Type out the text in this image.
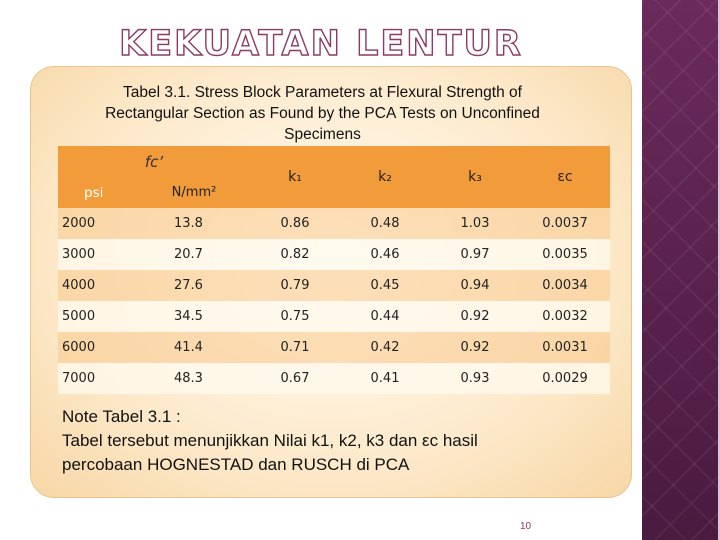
KEKUATAN LENTUR
Tabel 3.1. Stress Block Parameters at Flexural Strength of
Rectangular Section as Found by the PCA Tests on Unconfined
Specimens
fc’		k₁	k₂	k₃	εc
psi	N/mm²				
2000	13.8	0.86	0.48	1.03	0.0037
3000	20.7	0.82	0.46	0.97	0.0035
4000	27.6	0.79	0.45	0.94	0.0034
5000	34.5	0.75	0.44	0.92	0.0032
6000	41.4	0.71	0.42	0.92	0.0031
7000	48.3	0.67	0.41	0.93	0.0029
Note Tabel 3.1 :
Tabel tersebut menunjikkan Nilai k1, k2, k3 dan εc hasil
percobaan HOGNESTAD dan RUSCH di PCA
10
